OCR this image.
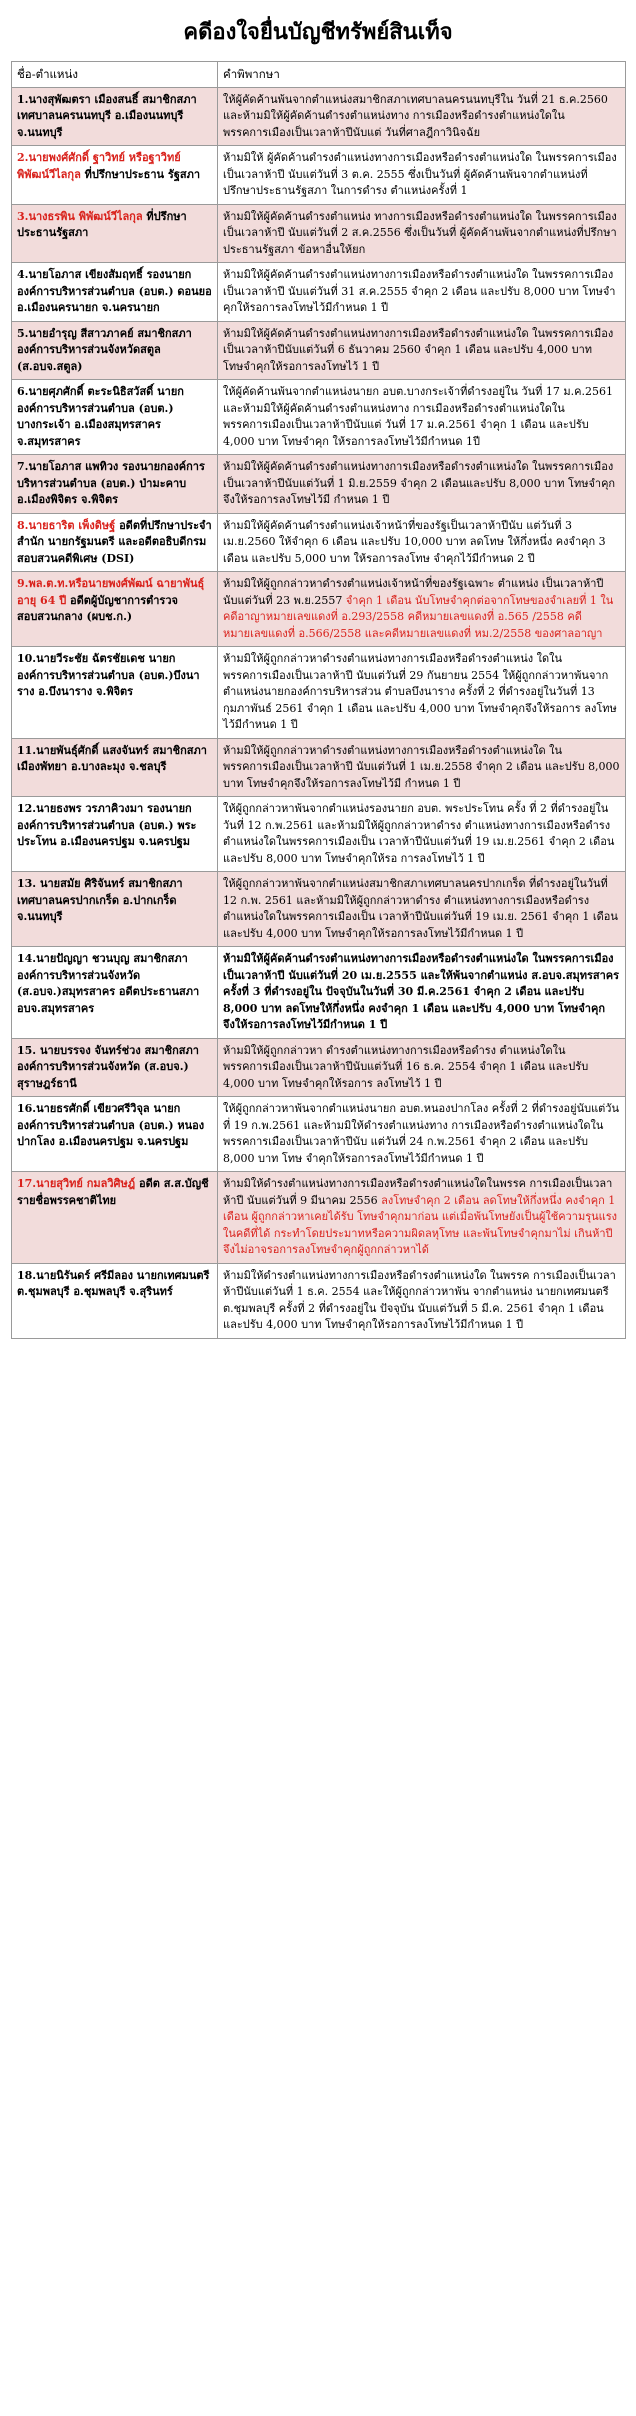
คดีองใจยื่นบัญชีทรัพย์สินเท็จ
ชื่อ-ตำแหน่ง	คำพิพากษา
1.นางสุพัฒตรา เมืองสนธิ์ สมาชิกสภาเทศบาลนครนนทบุรี อ.เมืองนนทบุรี จ.นนทบุรี	ให้ผู้คัดค้านพ้นจากตำแหน่งสมาชิกสภาเทศบาลนครนนทบุรีใน วันที่ 21 ธ.ค.2560 และห้ามมิให้ผู้คัดค้านดำรงตำแหน่งทาง การเมืองหรือดำรงตำแหน่งใดในพรรคการเมืองเป็นเวลาห้าปีนับแต่ วันที่ศาลฎีกาวินิจฉัย
2.นายพงศ์ศักดิ์ ฐาวิทย์ หรือฐาวิทย์ พิพัฒน์วีไลกุล ที่ปรึกษาประธาน รัฐสภา	ห้ามมิให้ ผู้คัดค้านดำรงตำแหน่งทางการเมืองหรือดำรงตำแหน่งใด ในพรรคการเมืองเป็นเวลาห้าปี นับแต่วันที่ 3 ต.ค. 2555 ซึ่งเป็นวันที่ ผู้คัดค้านพ้นจากตำแหน่งที่ปรึกษาประธานรัฐสภา ในการดำรง ตำแหน่งครั้งที่ 1
3.นางธรพิน พิพัฒน์วีไลกุล ที่ปรึกษาประธานรัฐสภา	ห้ามมิให้ผู้คัดค้านดำรงตำแหน่ง ทางการเมืองหรือดำรงตำแหน่งใด ในพรรคการเมืองเป็นเวลาห้าปี นับแต่วันที่ 2 ส.ค.2556 ซึ่งเป็นวันที่ ผู้คัดค้านพ้นจากตำแหน่งที่ปรึกษาประธานรัฐสภา ข้อหาอื่นให้ยก
4.นายโอภาส เขียงสัมฤทธิ์ รองนายกองค์การบริหารส่วนตำบล (อบต.) ดอนยอ อ.เมืองนครนายก จ.นครนายก	ห้ามมิให้ผู้คัดค้านดำรงตำแหน่งทางการเมืองหรือดำรงตำแหน่งใด ในพรรคการเมือง เป็นเวลาห้าปี นับแต่วันที่ 31 ส.ค.2555 จำคุก 2 เดือน และปรับ 8,000 บาท โทษจำคุกให้รอการลงโทษไว้มีกำหนด 1 ปี
5.นายอำรุญ สีสาวภาคย์ สมาชิกสภาองค์การบริหารส่วนจังหวัดสตูล (ส.อบจ.สตูล)	ห้ามมิให้ผู้คัดค้านดำรงตำแหน่งทางการเมืองหรือดำรงตำแหน่งใด ในพรรคการเมืองเป็นเวลาห้าปีนับแต่วันที่ 6 ธันวาคม 2560 จำคุก 1 เดือน และปรับ 4,000 บาท โทษจำคุกให้รอการลงโทษไว้ 1 ปี
6.นายศุภศักดิ์ ตะระนิธิสวัสดิ์ นายกองค์การบริหารส่วนตำบล (อบต.) บางกระเจ้า อ.เมืองสมุทรสาคร จ.สมุทรสาคร	ให้ผู้คัดค้านพ้นจากตำแหน่งนายก อบต.บางกระเจ้าที่ดำรงอยู่ใน วันที่ 17 ม.ค.2561 และห้ามมิให้ผู้คัดค้านดำรงตำแหน่งทาง การเมืองหรือดำรงตำแหน่งใดในพรรคการเมืองเป็นเวลาห้าปีนับแต่ วันที่ 17 ม.ค.2561 จำคุก 1 เดือน และปรับ 4,000 บาท โทษจำคุก ให้รอการลงโทษไว้มีกำหนด 1ปี
7.นายโอภาส แพทิวง รองนายกองค์การบริหารส่วนตำบล (อบต.) ป่ามะคาบ อ.เมืองพิจิตร จ.พิจิตร	ห้ามมิให้ผู้คัดค้านดำรงตำแหน่งทางการเมืองหรือดำรงตำแหน่งใด ในพรรคการเมืองเป็นเวลาห้าปีนับแต่วันที่ 1 มิ.ย.2559 จำคุก 2 เดือนและปรับ 8,000 บาท โทษจำคุกจึงให้รอการลงโทษไว้มี กำหนด 1 ปี
8.นายธาริต เพ็งดิษฐ์ อดีตที่ปรึกษาประจำสำนัก นายกรัฐมนตรี และอดีตอธิบดีกรมสอบสวนคดีพิเศษ (DSI)	ห้ามมิให้ผู้คัดค้านดำรงตำแหน่งเจ้าหน้าที่ของรัฐเป็นเวลาห้าปีนับ แต่วันที่ 3 เม.ย.2560 ให้จำคุก 6 เดือน และปรับ 10,000 บาท ลดโทษ ให้กึ่งหนึ่ง คงจำคุก 3 เดือน และปรับ 5,000 บาท ให้รอการลงโทษ จำคุกไว้มีกำหนด 2 ปี
9.พล.ต.ท.หรือนายพงศ์พัฒน์ ฉายาพันธุ์ อายุ 64 ปี อดีตผู้บัญชาการตำรวจสอบสวนกลาง (ผบช.ก.)	ห้ามมิให้ผู้ถูกกล่าวหาดำรงตำแหน่งเจ้าหน้าที่ของรัฐเฉพาะ ตำแหน่ง เป็นเวลาห้าปี นับแต่วันที่ 23 พ.ย.2557 จำคุก 1 เดือน นับโทษจำคุกต่อจากโทษของจำเลยที่ 1 ในคดีอาญาหมายเลขแดงที่ อ.293/2558 คดีหมายเลขแดงที่ อ.565 /2558 คดีหมายเลขแดงที่ อ.566/2558 และคดีหมายเลขแดงที่ หม.2/2558 ของศาลอาญา
10.นายวีระชัย ฉัตรชัยเดช นายกองค์การบริหารส่วนตำบล (อบต.)บึงนาราง อ.บึงนาราง จ.พิจิตร	ห้ามมิให้ผู้ถูกกล่าวหาดำรงตำแหน่งทางการเมืองหรือดำรงตำแหน่ง ใดในพรรคการเมืองเป็นเวลาห้าปี นับแต่วันที่ 29 กันยายน 2554 ให้ผู้ถูกกล่าวหาพ้นจากตำแหน่งนายกองค์การบริหารส่วน ตำบลบึงนาราง ครั้งที่ 2 ที่ดำรงอยู่ในวันที่ 13 กุมภาพันธ์ 2561 จำคุก 1 เดือน และปรับ 4,000 บาท โทษจำคุกจึงให้รอการ ลงโทษไว้มีกำหนด 1 ปี
11.นายพันธุ์ศักดิ์ แสงจันทร์ สมาชิกสภาเมืองพัทยา อ.บางละมุง จ.ชลบุรี	ห้ามมิให้ผู้ถูกกล่าวหาดำรงตำแหน่งทางการเมืองหรือดำรงตำแหน่งใด ในพรรคการเมืองเป็นเวลาห้าปี นับแต่วันที่ 1 เม.ย.2558 จำคุก 2 เดือน และปรับ 8,000 บาท โทษจำคุกจึงให้รอการลงโทษไว้มี กำหนด 1 ปี
12.นายธงพร วรภาคิวงมา รองนายกองค์การบริหารส่วนตำบล (อบต.) พระประโทน อ.เมืองนครปฐม จ.นครปฐม	ให้ผู้ถูกกล่าวหาพ้นจากตำแหน่งรองนายก อบต. พระประโทน ครั้ง ที่ 2 ที่ดำรงอยู่ในวันที่ 12 ก.พ.2561 และห้ามมิให้ผู้ถูกกล่าวหาดำรง ตำแหน่งทางการเมืองหรือดำรงตำแหน่งใดในพรรคการเมืองเป็น เวลาห้าปีนับแต่วันที่ 19 เม.ย.2561 จำคุก 2 เดือน และปรับ 8,000 บาท โทษจำคุกให้รอ การลงโทษไว้ 1 ปี
13. นายสมัย ศิริจันทร์ สมาชิกสภาเทศบาลนครปากเกร็ด อ.ปากเกร็ด จ.นนทบุรี	ให้ผู้ถูกกล่าวหาพ้นจากตำแหน่งสมาชิกสภาเทศบาลนครปากเกร็ด ที่ดำรงอยู่ในวันที่ 12 ก.พ. 2561 และห้ามมิให้ผู้ถูกกล่าวหาดำรง ตำแหน่งทางการเมืองหรือดำรงตำแหน่งใดในพรรคการเมืองเป็น เวลาห้าปีนับแต่วันที่ 19 เม.ย. 2561 จำคุก 1 เดือน และปรับ 4,000 บาท โทษจำคุกให้รอการลงโทษไว้มีกำหนด 1 ปี
14.นายปัญญา ชวนบุญ สมาชิกสภาองค์การบริหารส่วนจังหวัด (ส.อบจ.)สมุทรสาคร อดีตประธานสภา อบจ.สมุทรสาคร	ห้ามมิให้ผู้คัดค้านดำรงตำแหน่งทางการเมืองหรือดำรงตำแหน่งใด ในพรรคการเมืองเป็นเวลาห้าปี นับแต่วันที่ 20 เม.ย.2555 และให้พ้นจากตำแหน่ง ส.อบจ.สมุทรสาคร ครั้งที่ 3 ที่ดำรงอยู่ใน ปัจจุบันในวันที่ 30 มี.ค.2561 จำคุก 2 เดือน และปรับ 8,000 บาท ลดโทษให้กึ่งหนึ่ง คงจำคุก 1 เดือน และปรับ 4,000 บาท โทษจำคุก จึงให้รอการลงโทษไว้มีกำหนด 1 ปี
15. นายบรรจง จันทร์ช่วง สมาชิกสภาองค์การบริหารส่วนจังหวัด (ส.อบจ.) สุราษฎร์ธานี	ห้ามมิให้ผู้ถูกกล่าวหา ดำรงตำแหน่งทางการเมืองหรือดำรง ตำแหน่งใดในพรรคการเมืองเป็นเวลาห้าปีนับแต่วันที่ 16 ธ.ค. 2554 จำคุก 1 เดือน และปรับ 4,000 บาท โทษจำคุกให้รอการ ลงโทษไว้ 1 ปี
16.นายธรศักดิ์ เขียวศรีวิจุล นายกองค์การบริหารส่วนตำบล (อบต.) หนองปากโลง อ.เมืองนครปฐม จ.นครปฐม	ให้ผู้ถูกกล่าวหาพ้นจากตำแหน่งนายก อบต.หนองปากโลง ครั้งที่ 2 ที่ดำรงอยู่นับแต่วันที่ 19 ก.พ.2561 และห้ามมิให้ดำรงตำแหน่งทาง การเมืองหรือดำรงตำแหน่งใดในพรรคการเมืองเป็นเวลาห้าปีนับ แต่วันที่ 24 ก.พ.2561 จำคุก 2 เดือน และปรับ 8,000 บาท โทษ จำคุกให้รอการลงโทษไว้มีกำหนด 1 ปี
17.นายสุวิทย์ กมลวิศิษฎ์ อดีต ส.ส.บัญชีรายชื่อพรรคชาติไทย	ห้ามมิให้ดำรงตำแหน่งทางการเมืองหรือดำรงตำแหน่งใดในพรรค การเมืองเป็นเวลาห้าปี นับแต่วันที่ 9 มีนาคม 2556 ลงโทษจำคุก 2 เดือน ลดโทษให้กึ่งหนึ่ง คงจำคุก 1 เดือน ผู้ถูกกล่าวหาเคยได้รับ โทษจำคุกมาก่อน แต่เมื่อพ้นโทษยังเป็นผู้ใช้ความรุนแรงในคดีที่ได้ กระทำโดยประมาทหรือความผิดลหุโทษ และพ้นโทษจำคุกมาไม่ เกินห้าปี จึงไม่อาจรอการลงโทษจำคุกผู้ถูกกล่าวหาได้
18.นายนิรันดร์ ศรีมีลอง นายกเทศมนตรี ต.ชุมพลบุรี อ.ชุมพลบุรี จ.สุรินทร์	ห้ามมิให้ดำรงตำแหน่งทางการเมืองหรือดำรงตำแหน่งใด ในพรรค การเมืองเป็นเวลาห้าปีนับแต่วันที่ 1 ธ.ค. 2554 และให้ผู้ถูกกล่าวหาพ้น จากตำแหน่ง นายกเทศมนตรี ต.ชุมพลบุรี ครั้งที่ 2 ที่ดำรงอยู่ใน ปัจจุบัน นับแต่วันที่ 5 มี.ค. 2561 จำคุก 1 เดือน และปรับ 4,000 บาท โทษจำคุกให้รอการลงโทษไว้มีกำหนด 1 ปี
